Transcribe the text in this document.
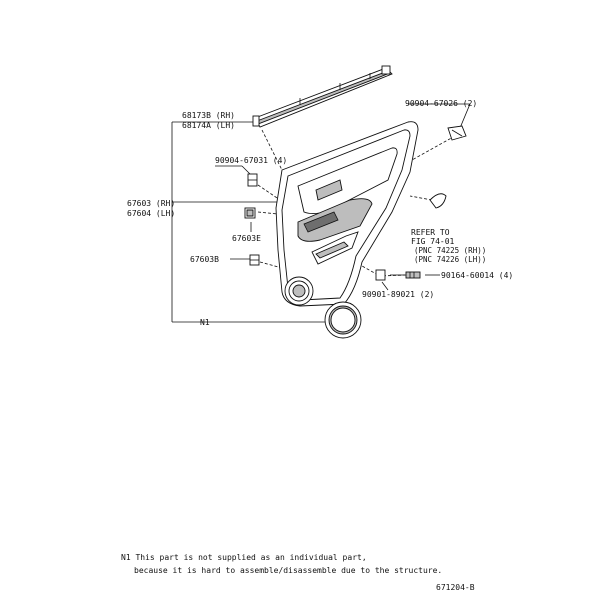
68173B (RH)
68174A (LH)
90904-67031 (4)
67603 (RH)
67604 (LH)
67603E
67603B
N1
90904-67026 (2)
REFER TO
FIG 74-01
(PNC 74225 (RH))
(PNC 74226 (LH))
90164-60014 (4)
90901-89021 (2)
N1 This part is not supplied as an individual part,
because it is hard to assemble/disassemble due to the structure.
671204-B
